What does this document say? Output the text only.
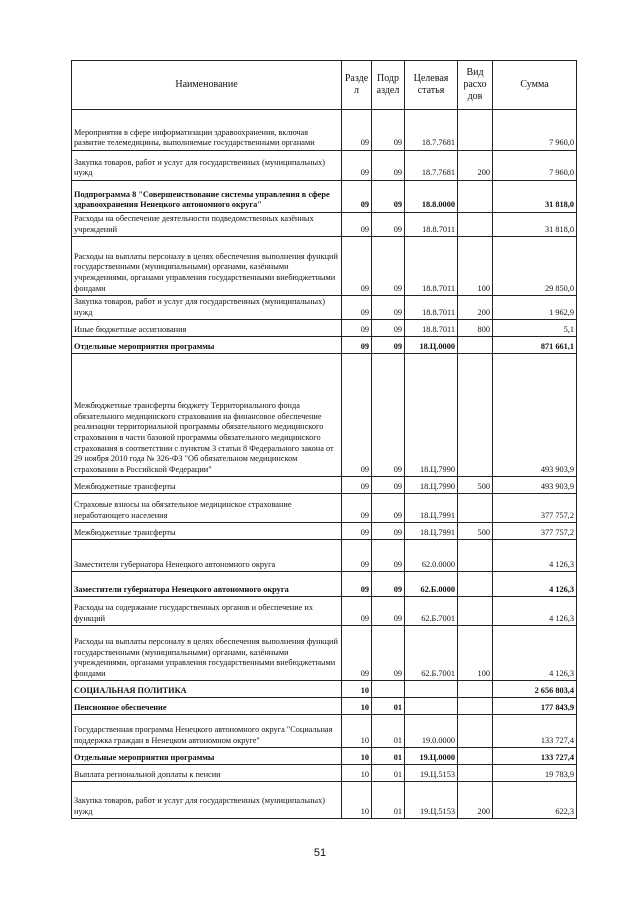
Наименование	Разде л	Подр аздел	Целевая статья	Вид расхо дов	Сумма
Мероприятия в сфере информатизации здравоохранения, включая развитие телемедицины, выполняемые государственными органами	09	09	18.7.7681		7 960,0
Закупка товаров, работ и услуг для государственных (муниципальных) нужд	09	09	18.7.7681	200	7 960,0
Подпрограмма 8 "Совершенствование системы управления в сфере здравоохранения Ненецкого автономного округа"	09	09	18.8.0000		31 818,0
Расходы на обеспечение деятельности подведомственных казённых учреждений	09	09	18.8.7011		31 818,0
Расходы на выплаты персоналу в целях обеспечения выполнения функций государственными (муниципальными) органами, казёнными учреждениями, органами управления государственными внебюджетными фондами	09	09	18.8.7011	100	29 850,0
Закупка товаров, работ и услуг для государственных (муниципальных) нужд	09	09	18.8.7011	200	1 962,9
Иные бюджетные ассигнования	09	09	18.8.7011	800	5,1
Отдельные мероприятия программы	09	09	18.Ц.0000		871 661,1
Межбюджетные трансферты бюджету Территориального фонда обязательного медицинского страхования на финансовое обеспечение реализации территориальной программы обязательного медицинского страхования в части базовой программы обязательного медицинского страхования в соответствии с пунктом 3 статьи 8 Федерального закона от 29 ноября 2010 года № 326-ФЗ "Об обязательном медицинском страховании в Российской Федерации"	09	09	18.Ц.7990		493 903,9
Межбюджетные трансферты	09	09	18.Ц.7990	500	493 903,9
Страховые взносы на обязательное медицинское страхование неработающего населения	09	09	18.Ц.7991		377 757,2
Межбюджетные трансферты	09	09	18.Ц.7991	500	377 757,2
Заместители губернатора Ненецкого автономного округа	09	09	62.0.0000		4 126,3
Заместители губернатора Ненецкого автономного округа	09	09	62.Б.0000		4 126,3
Расходы на содержание государственных органов и обеспечение их функций	09	09	62.Б.7001		4 126,3
Расходы на выплаты персоналу в целях обеспечения выполнения функций государственными (муниципальными) органами, казёнными учреждениями, органами управления государственными внебюджетными фондами	09	09	62.Б.7001	100	4 126,3
СОЦИАЛЬНАЯ ПОЛИТИКА	10				2 656 803,4
Пенсионное обеспечение	10	01			177 843,9
Государственная программа Ненецкого автономного округа "Социальная поддержка граждан в Ненецком автономном округе"	10	01	19.0.0000		133 727,4
Отдельные мероприятия программы	10	01	19.Ц.0000		133 727,4
Выплата региональной доплаты к пенсии	10	01	19.Ц.5153		19 783,9
Закупка товаров, работ и услуг для государственных (муниципальных) нужд	10	01	19.Ц.5153	200	622,3
51
